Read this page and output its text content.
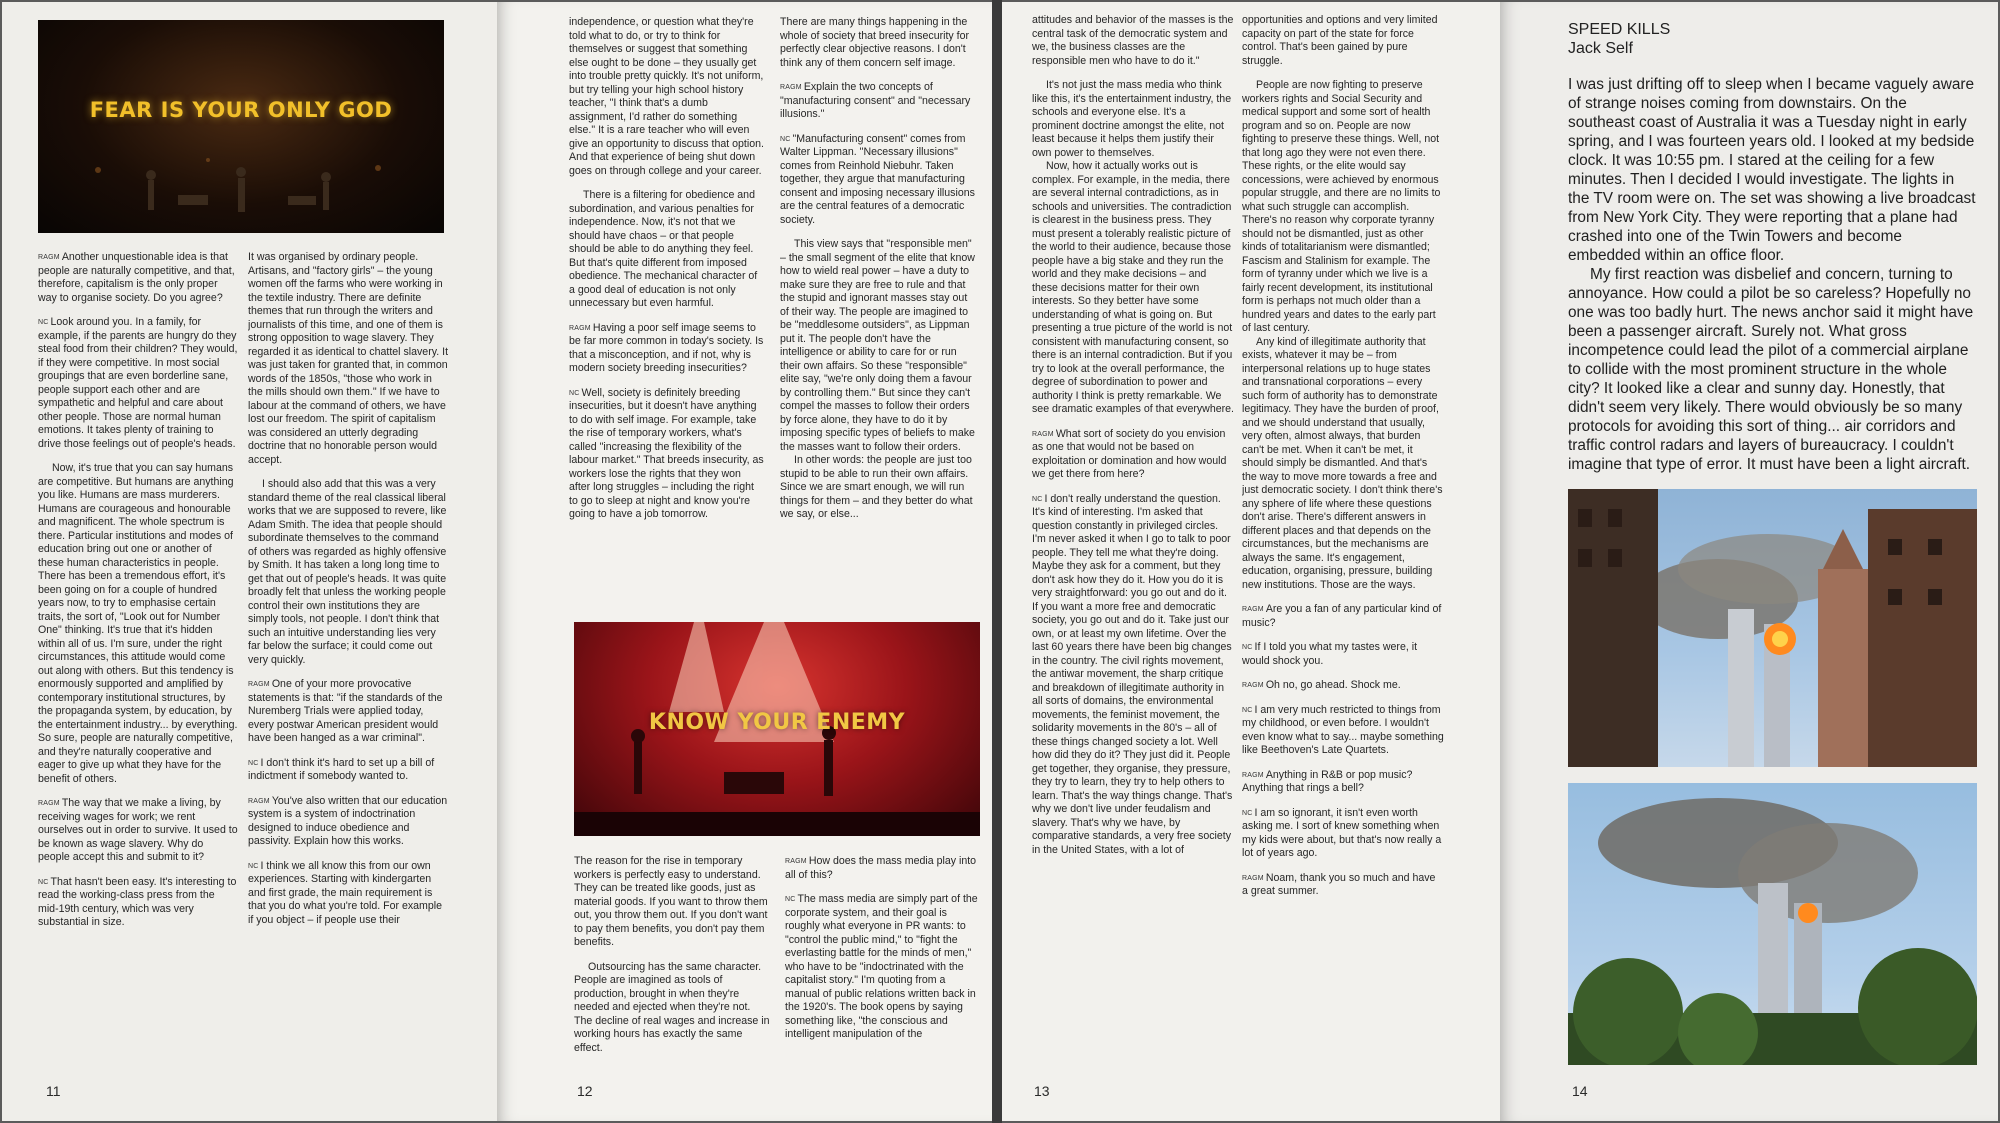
FEAR IS YOUR ONLY GOD

RAGM Another unquestionable idea is that people are naturally competitive, and that, therefore, capitalism is the only proper way to organise society. Do you agree?

NC Look around you. In a family, for example, if the parents are hungry do they steal food from their children? They would, if they were competitive. In most social groupings that are even borderline sane, people support each other and are sympathetic and helpful and care about other people. Those are normal human emotions. It takes plenty of training to drive those feelings out of people's heads.

Now, it's true that you can say humans are competitive. But humans are anything you like. Humans are mass murderers. Humans are courageous and honourable and magnificent. The whole spectrum is there. Particular institutions and modes of education bring out one or another of these human characteristics in people. There has been a tremendous effort, it's been going on for a couple of hundred years now, to try to emphasise certain traits, the sort of, "Look out for Number One" thinking. It's true that it's hidden within all of us. I'm sure, under the right circumstances, this attitude would come out along with others. But this tendency is enormously supported and amplified by contemporary institutional structures, by the propaganda system, by education, by the entertainment industry... by everything. So sure, people are naturally competitive, and they're naturally cooperative and eager to give up what they have for the benefit of others.

RAGM The way that we make a living, by receiving wages for work; we rent ourselves out in order to survive. It used to be known as wage slavery. Why do people accept this and submit to it?

NC That hasn't been easy. It's interesting to read the working-class press from the mid-19th century, which was very substantial in size.

It was organised by ordinary people. Artisans, and "factory girls" – the young women off the farms who were working in the textile industry. There are definite themes that run through the writers and journalists of this time, and one of them is strong opposition to wage slavery. They regarded it as identical to chattel slavery. It was just taken for granted that, in common words of the 1850s, "those who work in the mills should own them." If we have to labour at the command of others, we have lost our freedom. The spirit of capitalism was considered an utterly degrading doctrine that no honorable person would accept.

I should also add that this was a very standard theme of the real classical liberal works that we are supposed to revere, like Adam Smith. The idea that people should subordinate themselves to the command of others was regarded as highly offensive by Smith. It has taken a long long time to get that out of people's heads. It was quite broadly felt that unless the working people control their own institutions they are simply tools, not people. I don't think that such an intuitive understanding lies very far below the surface; it could come out very quickly.

RAGM One of your more provocative statements is that: "if the standards of the Nuremberg Trials were applied today, every postwar American president would have been hanged as a war criminal".

NC I don't think it's hard to set up a bill of indictment if somebody wanted to.

RAGM You've also written that our education system is a system of indoctrination designed to induce obedience and passivity. Explain how this works.

NC I think we all know this from our own experiences. Starting with kindergarten and first grade, the main requirement is that you do what you're told. For example if you object – if people use their

11

independence, or question what they're told what to do, or try to think for themselves or suggest that something else ought to be done – they usually get into trouble pretty quickly. It's not uniform, but try telling your high school history teacher, "I think that's a dumb assignment, I'd rather do something else." It is a rare teacher who will even give an opportunity to discuss that option. And that experience of being shut down goes on through college and your career.

There is a filtering for obedience and subordination, and various penalties for independence. Now, it's not that we should have chaos – or that people should be able to do anything they feel. But that's quite different from imposed obedience. The mechanical character of a good deal of education is not only unnecessary but even harmful.

RAGM Having a poor self image seems to be far more common in today's society. Is that a misconception, and if not, why is modern society breeding insecurities?

NC Well, society is definitely breeding insecurities, but it doesn't have anything to do with self image. For example, take the rise of temporary workers, what's called "increasing the flexibility of the labour market." That breeds insecurity, as workers lose the rights that they won after long struggles – including the right to go to sleep at night and know you're going to have a job tomorrow.

There are many things happening in the whole of society that breed insecurity for perfectly clear objective reasons. I don't think any of them concern self image.

RAGM Explain the two concepts of "manufacturing consent" and "necessary illusions."

NC "Manufacturing consent" comes from Walter Lippman. "Necessary illusions" comes from Reinhold Niebuhr. Taken together, they argue that manufacturing consent and imposing necessary illusions are the central features of a democratic society.

This view says that "responsible men" – the small segment of the elite that know how to wield real power – have a duty to make sure they are free to rule and that the stupid and ignorant masses stay out of their way. The people are imagined to be "meddlesome outsiders", as Lippman put it. The people don't have the intelligence or ability to care for or run their own affairs. So these "responsible" elite say, "we're only doing them a favour by controlling them." But since they can't compel the masses to follow their orders by force alone, they have to do it by imposing specific types of beliefs to make the masses want to follow their orders.

In other words: the people are just too stupid to be able to run their own affairs. Since we are smart enough, we will run things for them – and they better do what we say, or else...

KNOW YOUR ENEMY

The reason for the rise in temporary workers is perfectly easy to understand. They can be treated like goods, just as material goods. If you want to throw them out, you throw them out. If you don't want to pay them benefits, you don't pay them benefits.

Outsourcing has the same character. People are imagined as tools of production, brought in when they're needed and ejected when they're not. The decline of real wages and increase in working hours has exactly the same effect.

RAGM How does the mass media play into all of this?

NC The mass media are simply part of the corporate system, and their goal is roughly what everyone in PR wants: to "control the public mind," to "fight the everlasting battle for the minds of men," who have to be "indoctrinated with the capitalist story." I'm quoting from a manual of public relations written back in the 1920's. The book opens by saying something like, "the conscious and intelligent manipulation of the

12

attitudes and behavior of the masses is the central task of the democratic system and we, the business classes are the responsible men who have to do it."

It's not just the mass media who think like this, it's the entertainment industry, the schools and everyone else. It's a prominent doctrine amongst the elite, not least because it helps them justify their own power to themselves.

Now, how it actually works out is complex. For example, in the media, there are several internal contradictions, as in schools and universities. The contradiction is clearest in the business press. They must present a tolerably realistic picture of the world to their audience, because those people have a big stake and they run the world and they make decisions – and these decisions matter for their own interests. So they better have some understanding of what is going on. But presenting a true picture of the world is not consistent with manufacturing consent, so there is an internal contradiction. But if you try to look at the overall performance, the degree of subordination to power and authority I think is pretty remarkable. We see dramatic examples of that everywhere.

RAGM What sort of society do you envision as one that would not be based on exploitation or domination and how would we get there from here?

NC I don't really understand the question. It's kind of interesting. I'm asked that question constantly in privileged circles. I'm never asked it when I go to talk to poor people. They tell me what they're doing. Maybe they ask for a comment, but they don't ask how they do it. How you do it is very straightforward: you go out and do it. If you want a more free and democratic society, you go out and do it. Take just our own, or at least my own lifetime. Over the last 60 years there have been big changes in the country. The civil rights movement, the antiwar movement, the sharp critique and breakdown of illegitimate authority in all sorts of domains, the environmental movements, the feminist movement, the solidarity movements in the 80's – all of these things changed society a lot. Well how did they do it? They just did it. People get together, they organise, they pressure, they try to learn, they try to help others to learn. That's the way things change. That's why we don't live under feudalism and slavery. That's why we have, by comparative standards, a very free society in the United States, with a lot of

opportunities and options and very limited capacity on part of the state for force control. That's been gained by pure struggle.

People are now fighting to preserve workers rights and Social Security and medical support and some sort of health program and so on. People are now fighting to preserve these things. Well, not that long ago they were not even there. These rights, or the elite would say concessions, were achieved by enormous popular struggle, and there are no limits to what such struggle can accomplish. There's no reason why corporate tyranny should not be dismantled, just as other kinds of totalitarianism were dismantled; Fascism and Stalinism for example. The form of tyranny under which we live is a fairly recent development, its institutional form is perhaps not much older than a hundred years and dates to the early part of last century.

Any kind of illegitimate authority that exists, whatever it may be – from interpersonal relations up to huge states and transnational corporations – every such form of authority has to demonstrate legitimacy. They have the burden of proof, and we should understand that usually, very often, almost always, that burden can't be met. When it can't be met, it should simply be dismantled. And that's the way to move more towards a free and just democratic society. I don't think there's any sphere of life where these questions don't arise. There's different answers in different places and that depends on the circumstances, but the mechanisms are always the same. It's engagement, education, organising, pressure, building new institutions. Those are the ways.

RAGM Are you a fan of any particular kind of music?

NC If I told you what my tastes were, it would shock you.

RAGM Oh no, go ahead. Shock me.

NC I am very much restricted to things from my childhood, or even before. I wouldn't even know what to say... maybe something like Beethoven's Late Quartets.

RAGM Anything in R&B or pop music? Anything that rings a bell?

NC I am so ignorant, it isn't even worth asking me. I sort of knew something when my kids were about, but that's now really a lot of years ago.

RAGM Noam, thank you so much and have a great summer.

13
SPEED KILLS
Jack Self

I was just drifting off to sleep when I became vaguely aware of strange noises coming from downstairs. On the southeast coast of Australia it was a Tuesday night in early spring, and I was fourteen years old. I looked at my bedside clock. It was 10:55 pm. I stared at the ceiling for a few minutes. Then I decided I would investigate. The lights in the TV room were on. The set was showing a live broadcast from New York City. They were reporting that a plane had crashed into one of the Twin Towers and become embedded within an office floor.

My first reaction was disbelief and concern, turning to annoyance. How could a pilot be so careless? Hopefully no one was too badly hurt. The news anchor said it might have been a passenger aircraft. Surely not. What gross incompetence could lead the pilot of a commercial airplane to collide with the most prominent structure in the whole city? It looked like a clear and sunny day. Honestly, that didn't seem very likely. There would obviously be so many protocols for avoiding this sort of thing... air corridors and traffic control radars and layers of bureaucracy. I couldn't imagine that type of error. It must have been a light aircraft.

14
